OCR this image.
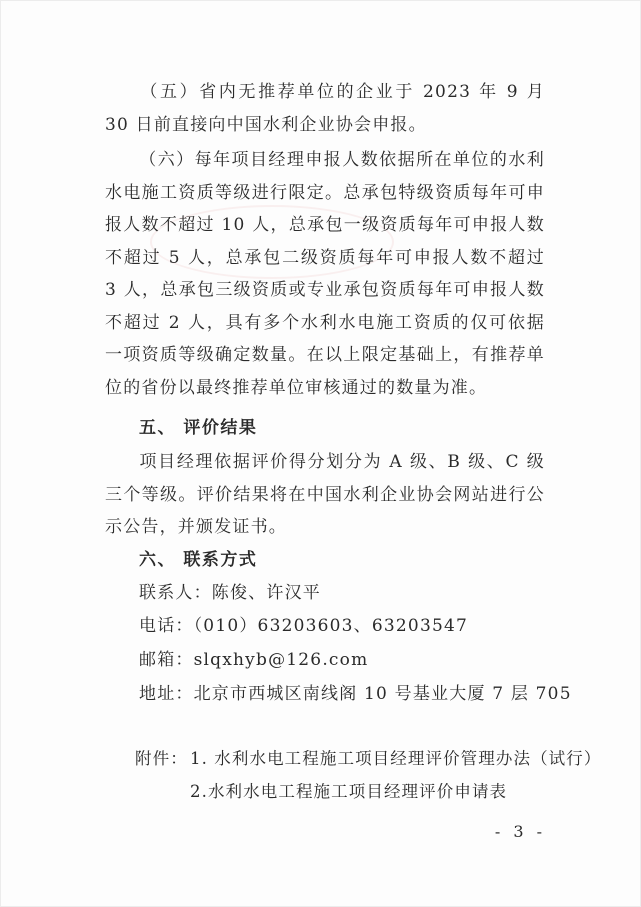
（五）省内无推荐单位的企业于 2023 年 9 月 30 日前直接向中国水利企业协会申报。

（六）每年项目经理申报人数依据所在单位的水利水电施工资质等级进行限定。总承包特级资质每年可申报人数不超过 10 人，总承包一级资质每年可申报人数不超过 5 人，总承包二级资质每年可申报人数不超过 3 人，总承包三级资质或专业承包资质每年可申报人数不超过 2 人，具有多个水利水电施工资质的仅可依据一项资质等级确定数量。在以上限定基础上，有推荐单位的省份以最终推荐单位审核通过的数量为准。

五、 评价结果

项目经理依据评价得分划分为 A 级、B 级、C 级三个等级。评价结果将在中国水利企业协会网站进行公示公告，并颁发证书。

六、 联系方式

联系人：陈俊、许汉平

电话：（010）63203603、63203547

邮箱：slqxhyb@126.com

地址：北京市西城区南线阁 10 号基业大厦 7 层 705

附件： 1. 水利水电工程施工项目经理评价管理办法（试行）

2.水利水电工程施工项目经理评价申请表

- 3 -
